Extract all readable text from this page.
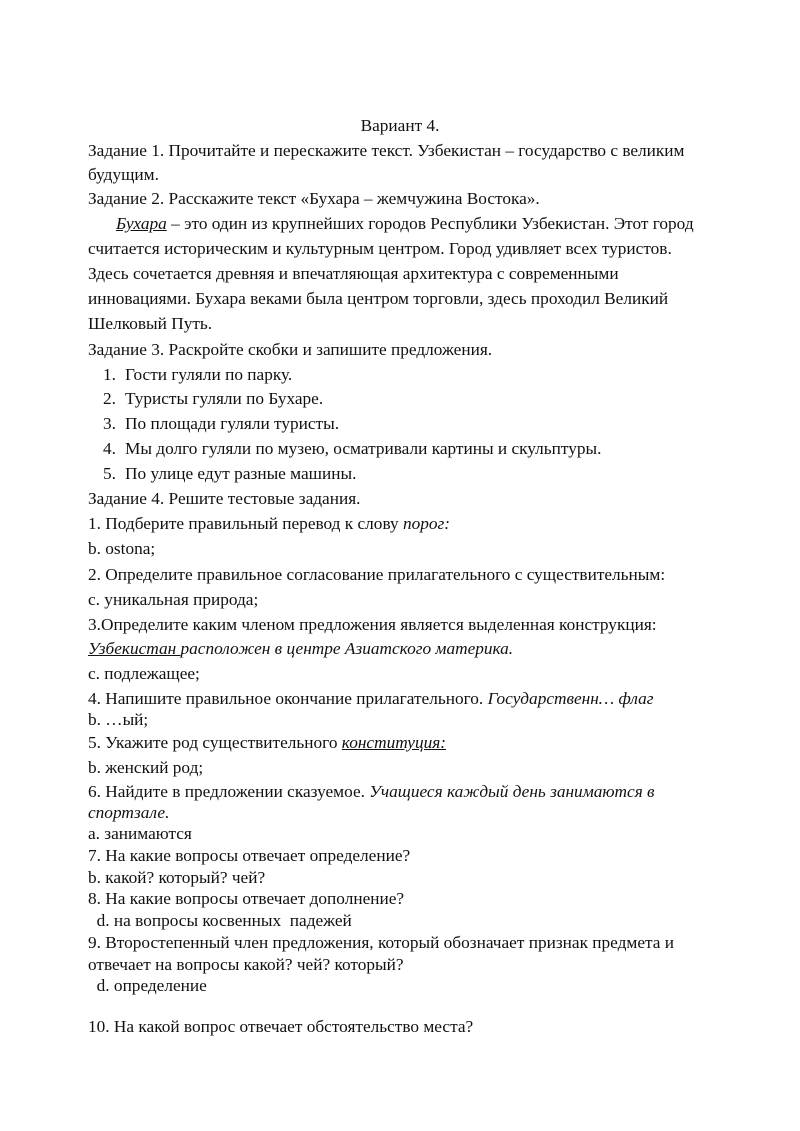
Вариант 4.
Задание 1. Прочитайте и перескажите текст. Узбекистан – государство с великим
будущим.
Задание 2. Расскажите текст «Бухара – жемчужина Востока».
Бухара – это один из крупнейших городов Республики Узбекистан. Этот город
считается историческим и культурным центром. Город удивляет всех туристов.
Здесь сочетается древняя и впечатляющая архитектура с современными
инновациями. Бухара веками была центром торговли, здесь проходил Великий
Шелковый Путь.
Задание 3. Раскройте скобки и запишите предложения.
1. Гости гуляли по парку.
2. Туристы гуляли по Бухаре.
3. По площади гуляли туристы.
4. Мы долго гуляли по музею, осматривали картины и скульптуры.
5. По улице едут разные машины.
Задание 4. Решите тестовые задания.
1. Подберите правильный перевод к слову порог:
b. ostona;
2. Определите правильное согласование прилагательного с существительным:
c. уникальная природа;
3.Определите каким членом предложения является выделенная конструкция:
Узбекистан расположен в центре Азиатского материка.
c. подлежащее;
4. Напишите правильное окончание прилагательного. Государственн… флаг
b. …ый;
5. Укажите род существительного конституция:
b. женский род;
6. Найдите в предложении сказуемое. Учащиеся каждый день занимаются в
спортзале.
a. занимаются
7. На какие вопросы отвечает определение?
b. какой? который? чей?
8. На какие вопросы отвечает дополнение?
d. на вопросы косвенных  падежей
9. Второстепенный член предложения, который обозначает признак предмета и
отвечает на вопросы какой? чей? который?
d. определение
10. На какой вопрос отвечает обстоятельство места?
